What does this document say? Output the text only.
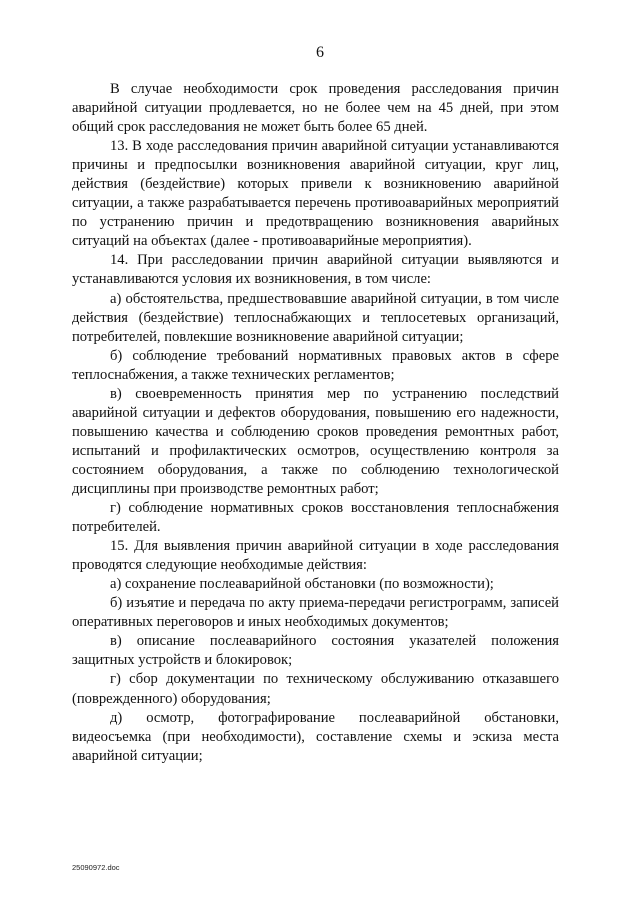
6

В случае необходимости срок проведения расследования причин аварийной ситуации продлевается, но не более чем на 45 дней, при этом общий срок расследования не может быть более 65 дней.

13. В ходе расследования причин аварийной ситуации устанавливаются причины и предпосылки возникновения аварийной ситуации, круг лиц, действия (бездействие) которых привели к возникновению аварийной ситуации, а также разрабатывается перечень противоаварийных мероприятий по устранению причин и предотвращению возникновения аварийных ситуаций на объектах (далее - противоаварийные мероприятия).

14. При расследовании причин аварийной ситуации выявляются и устанавливаются условия их возникновения, в том числе:

а) обстоятельства, предшествовавшие аварийной ситуации, в том числе действия (бездействие) теплоснабжающих и теплосетевых организаций, потребителей, повлекшие возникновение аварийной ситуации;

б) соблюдение требований нормативных правовых актов в сфере теплоснабжения, а также технических регламентов;

в) своевременность принятия мер по устранению последствий аварийной ситуации и дефектов оборудования, повышению его надежности, повышению качества и соблюдению сроков проведения ремонтных работ, испытаний и профилактических осмотров, осуществлению контроля за состоянием оборудования, а также по соблюдению технологической дисциплины при производстве ремонтных работ;

г) соблюдение нормативных сроков восстановления теплоснабжения потребителей.

15. Для выявления причин аварийной ситуации в ходе расследования проводятся следующие необходимые действия:

а) сохранение послеаварийной обстановки (по возможности);

б) изъятие и передача по акту приема-передачи регистрограмм, записей оперативных переговоров и иных необходимых документов;

в) описание послеаварийного состояния указателей положения защитных устройств и блокировок;

г) сбор документации по техническому обслуживанию отказавшего (поврежденного) оборудования;

д) осмотр, фотографирование послеаварийной обстановки, видеосъемка (при необходимости), составление схемы и эскиза места аварийной ситуации;

25090972.doc
